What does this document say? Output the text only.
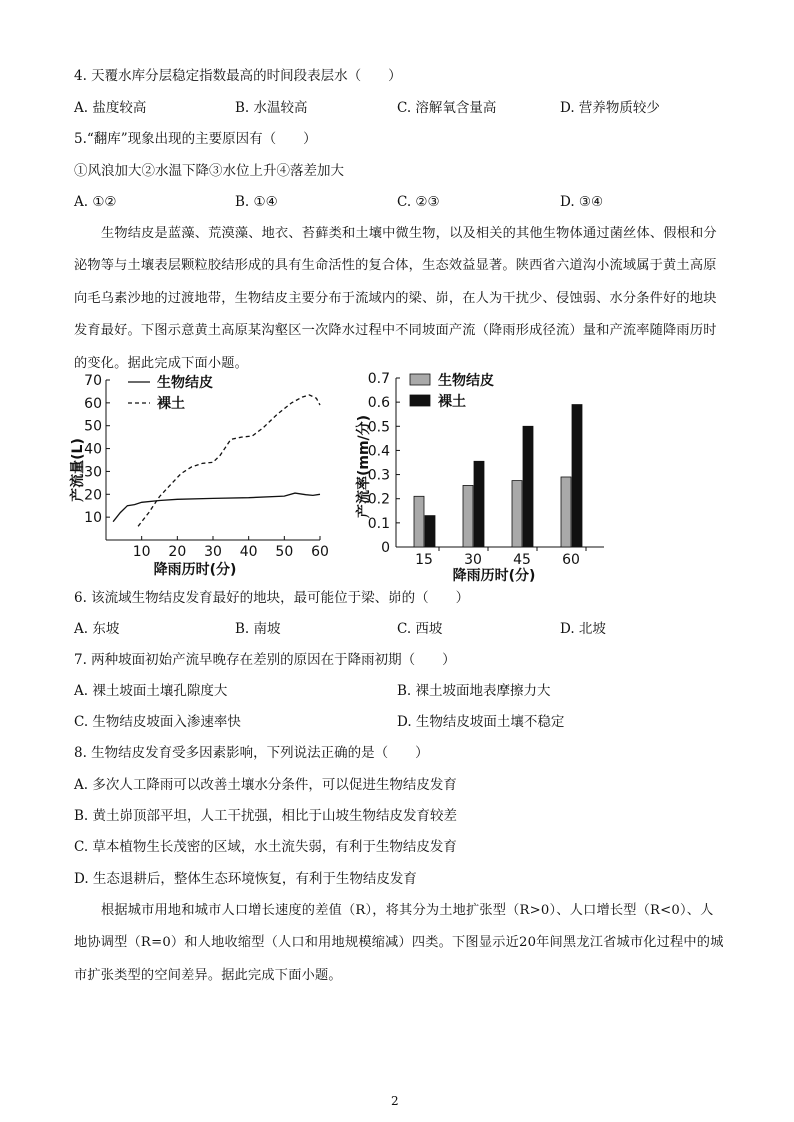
4. 天覆水库分层稳定指数最高的时间段表层水（　　）
A. 盐度较高	B. 水温较高	C. 溶解氧含量高	D. 营养物质较少
5.“翻库”现象出现的主要原因有（　　）
①风浪加大②水温下降③水位上升④落差加大
A. ①②	B. ①④	C. ②③	D. ③④
生物结皮是蓝藻、荒漠藻、地衣、苔藓类和土壤中微生物，以及相关的其他生物体通过菌丝体、假根和分泌物等与土壤表层颗粒胶结形成的具有生命活性的复合体，生态效益显著。陕西省六道沟小流域属于黄土高原向毛乌素沙地的过渡地带，生物结皮主要分布于流域内的梁、峁，在人为干扰少、侵蚀弱、水分条件好的地块发育最好。下图示意黄土高原某沟壑区一次降水过程中不同坡面产流（降雨形成径流）量和产流率随降雨历时的变化。据此完成下面小题。
10
20
30
40
50
60
70
10 20 30 40 50 60
降雨历时(分)
产流量(L)
生物结皮
裸土
0
0.1
0.2
0.3
0.4
0.5
0.6
0.7
15 30 45 60
降雨历时(分)
产流率(mm/分)
生物结皮
裸土
6. 该流域生物结皮发育最好的地块，最可能位于梁、峁的（　　）
A. 东坡	B. 南坡	C. 西坡	D. 北坡
7. 两种坡面初始产流早晚存在差别的原因在于降雨初期（　　）
A. 裸土坡面土壤孔隙度大	B. 裸土坡面地表摩擦力大
C. 生物结皮坡面入渗速率快	D. 生物结皮坡面土壤不稳定
8. 生物结皮发育受多因素影响，下列说法正确的是（　　）
A. 多次人工降雨可以改善土壤水分条件，可以促进生物结皮发育
B. 黄土峁顶部平坦，人工干扰强，相比于山坡生物结皮发育较差
C. 草本植物生长茂密的区域，水土流失弱，有利于生物结皮发育
D. 生态退耕后，整体生态环境恢复，有利于生物结皮发育
根据城市用地和城市人口增长速度的差值（R），将其分为土地扩张型（R>0）、人口增长型（R<0）、人地协调型（R=0）和人地收缩型（人口和用地规模缩减）四类。下图显示近20年间黑龙江省城市化过程中的城市扩张类型的空间差异。据此完成下面小题。
2
